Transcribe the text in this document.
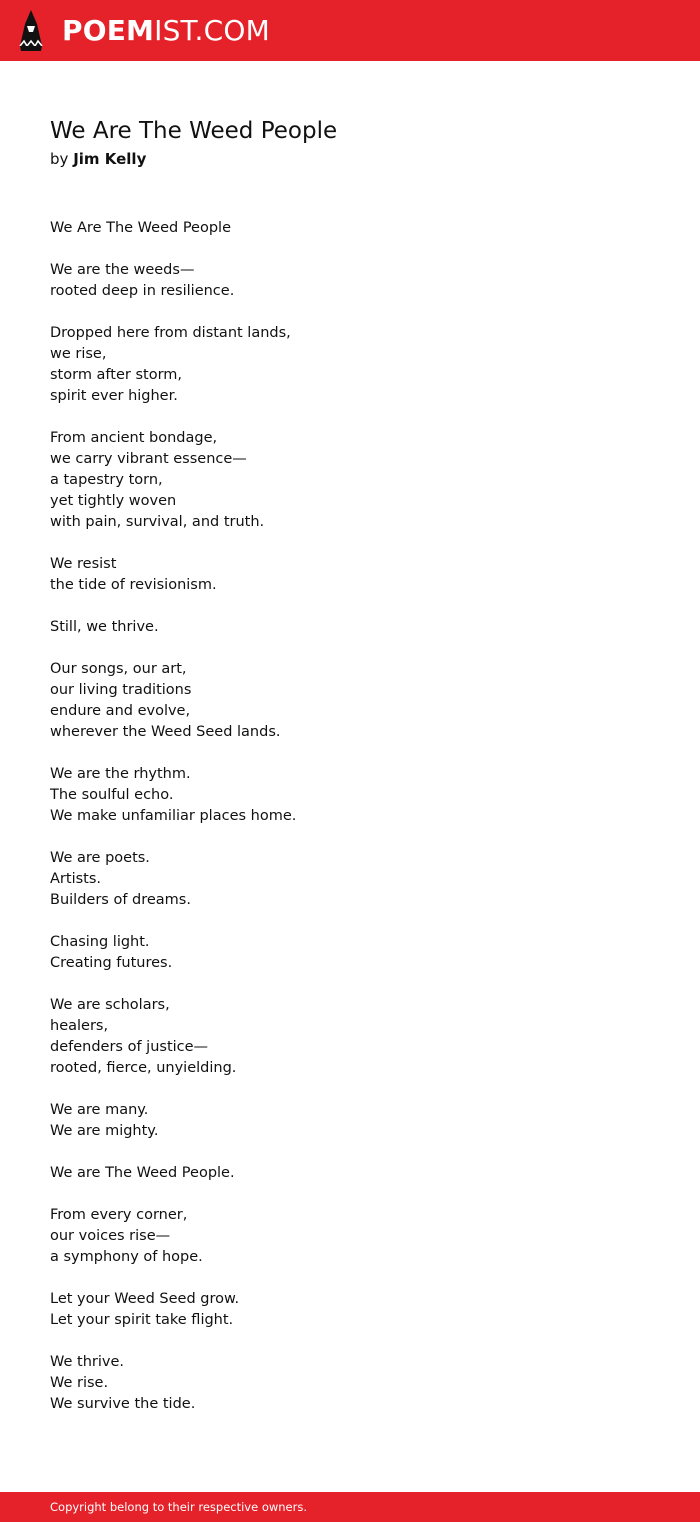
POEMIST.COM
We Are The Weed People
by Jim Kelly
We Are The Weed People
We are the weeds—
rooted deep in resilience.
Dropped here from distant lands,
we rise,
storm after storm,
spirit ever higher.
From ancient bondage,
we carry vibrant essence—
a tapestry torn,
yet tightly woven
with pain, survival, and truth.
We resist
the tide of revisionism.
Still, we thrive.
Our songs, our art,
our living traditions
endure and evolve,
wherever the Weed Seed lands.
We are the rhythm.
The soulful echo.
We make unfamiliar places home.
We are poets.
Artists.
Builders of dreams.
Chasing light.
Creating futures.
We are scholars,
healers,
defenders of justice—
rooted, fierce, unyielding.
We are many.
We are mighty.
We are The Weed People.
From every corner,
our voices rise—
a symphony of hope.
Let your Weed Seed grow.
Let your spirit take flight.
We thrive.
We rise.
We survive the tide.
Copyright belong to their respective owners.
